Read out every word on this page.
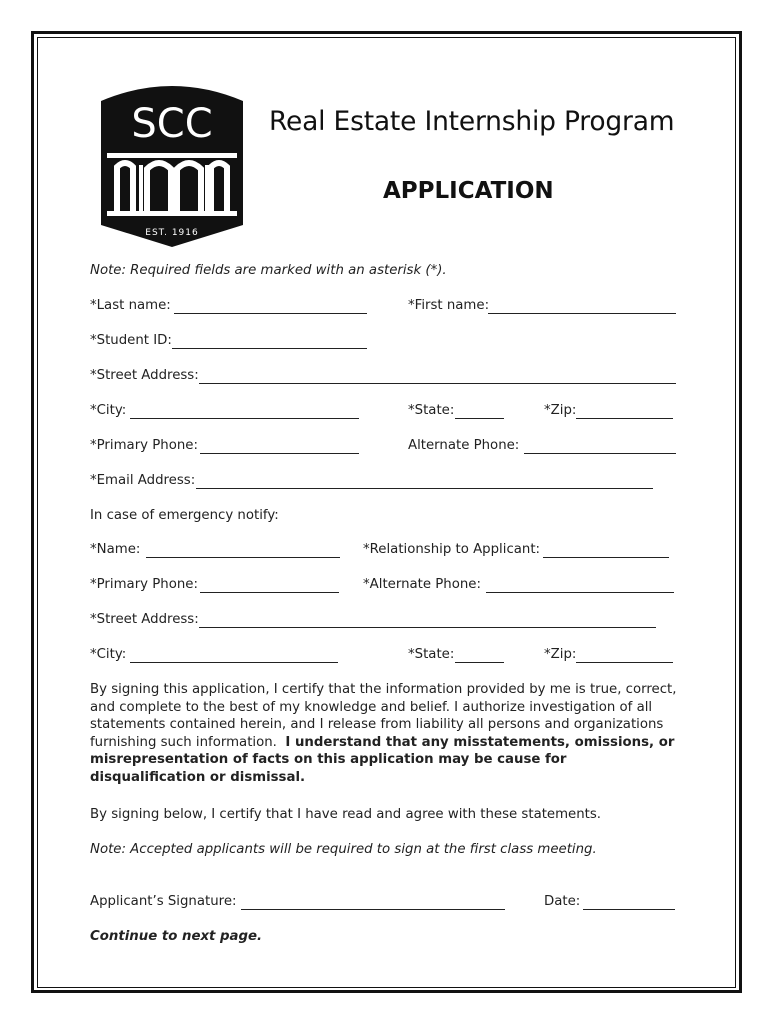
SCC
EST. 1916
Real Estate Internship Program
APPLICATION
Note: Required fields are marked with an asterisk (*).
*Last name:	*First name:
*Student ID:
*Street Address:
*City:	*State:	*Zip:
*Primary Phone:	Alternate Phone:
*Email Address:
In case of emergency notify:
*Name:	*Relationship to Applicant:
*Primary Phone:	*Alternate Phone:
*Street Address:
*City:	*State:	*Zip:

By signing this application, I certify that the information provided by me is true, correct, and complete to the best of my knowledge and belief. I authorize investigation of all statements contained herein, and I release from liability all persons and organizations furnishing such information. I understand that any misstatements, omissions, or misrepresentation of facts on this application may be cause for disqualification or dismissal.

By signing below, I certify that I have read and agree with these statements.
Note: Accepted applicants will be required to sign at the first class meeting.
Applicant’s Signature:	Date:
Continue to next page.
